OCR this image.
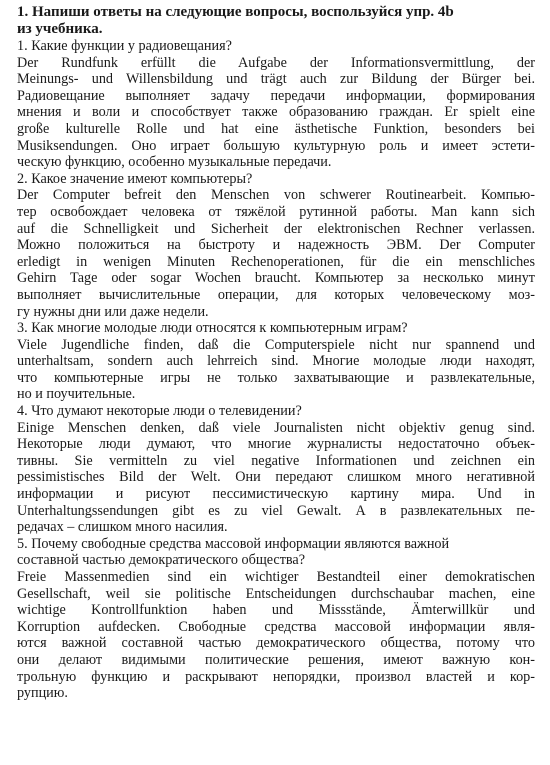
1. Напиши ответы на следующие вопросы, воспользуйся упр. 4b
из учебника.

1. Какие функции у радиовещания?

Der Rundfunk erfüllt die Aufgabe der Informationsvermittlung, der
Meinungs- und Willensbildung und trägt auch zur Bildung der Bürger bei.
Радиовещание выполняет задачу передачи информации, формирования
мнения и воли и способствует также образованию граждан. Er spielt eine
große kulturelle Rolle und hat eine ästhetische Funktion, besonders bei
Musiksendungen. Оно играет большую культурную роль и имеет эстети-
ческую функцию, особенно музыкальные передачи.

2. Какое значение имеют компьютеры?

Der Computer befreit den Menschen von schwerer Routinearbeit. Компью-
тер освобождает человека от тяжёлой рутинной работы. Man kann sich
auf die Schnelligkeit und Sicherheit der elektronischen Rechner verlassen.
Можно положиться на быстроту и надежность ЭВМ. Der Computer
erledigt in wenigen Minuten Rechenoperationen, für die ein menschliches
Gehirn Tage oder sogar Wochen braucht. Компьютер за несколько минут
выполняет вычислительные операции, для которых человеческому моз-
гу нужны дни или даже недели.

3. Как многие молодые люди относятся к компьютерным играм?

Viele Jugendliche finden, daß die Computerspiele nicht nur spannend und
unterhaltsam, sondern auch lehrreich sind. Многие молодые люди находят,
что компьютерные игры не только захватывающие и развлекательные,
но и поучительные.

4. Что думают некоторые люди о телевидении?

Einige Menschen denken, daß viele Journalisten nicht objektiv genug sind.
Некоторые люди думают, что многие журналисты недостаточно объек-
тивны. Sie vermitteln zu viel negative Informationen und zeichnen ein
pessimistisches Bild der Welt. Они передают слишком много негативной
информации и рисуют пессимистическую картину мира. Und in
Unterhaltungssendungen gibt es zu viel Gewalt. А в развлекательных пе-
редачах – слишком много насилия.

5. Почему свободные средства массовой информации являются важной
составной частью демократического общества?

Freie Massenmedien sind ein wichtiger Bestandteil einer demokratischen
Gesellschaft, weil sie politische Entscheidungen durchschaubar machen, eine
wichtige Kontrollfunktion haben und Missstände, Ämterwillkür und
Korruption aufdecken. Свободные средства массовой информации явля-
ются важной составной частью демократического общества, потому что
они делают видимыми политические решения, имеют важную кон-
трольную функцию и раскрывают непорядки, произвол властей и кор-
рупцию.
